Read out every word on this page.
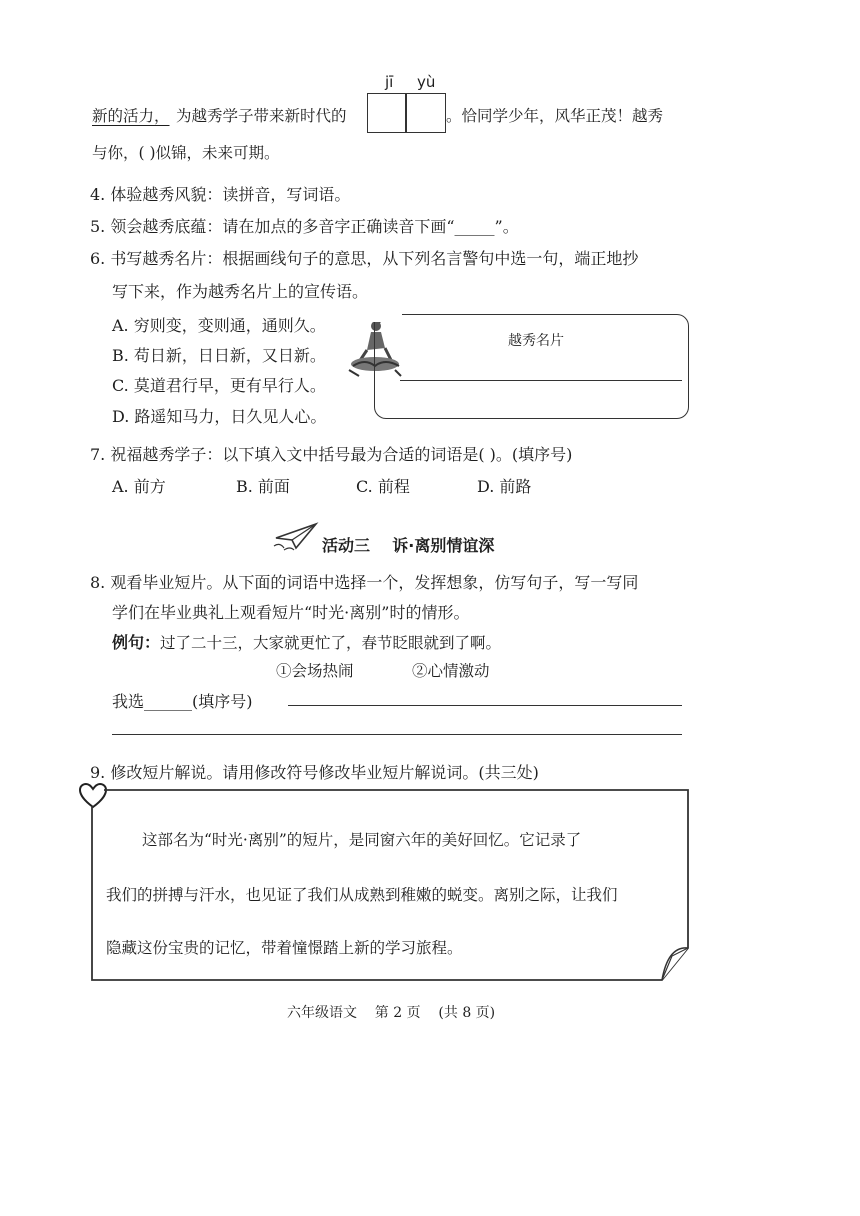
jī yù
新的活力， 为越秀学子带来新时代的	。恰同学少年，风华正茂！越秀
与你，( )似锦，未来可期。
4. 体验越秀风貌：读拼音，写词语。
5. 领会越秀底蕴：请在加点的多音字正确读音下画“_____”。
6. 书写越秀名片：根据画线句子的意思，从下列名言警句中选一句，端正地抄
写下来，作为越秀名片上的宣传语。
A. 穷则变，变则通，通则久。
B. 苟日新，日日新，又日新。
C. 莫道君行早，更有早行人。
D. 路遥知马力，日久见人心。
越秀名片
7. 祝福越秀学子：以下填入文中括号最为合适的词语是( )。(填序号)
A. 前方	B. 前面	C. 前程	D. 前路
活动三    诉·离别情谊深
8. 观看毕业短片。从下面的词语中选择一个，发挥想象，仿写句子，写一写同
学们在毕业典礼上观看短片“时光·离别”时的情形。
例句： 过了二十三，大家就更忙了，春节眨眼就到了啊。
①会场热闹	②心情激动
我选______(填序号)
9. 修改短片解说。请用修改符号修改毕业短片解说词。(共三处)
这部名为“时光·离别”的短片，是同窗六年的美好回忆。它记录了
我们的拼搏与汗水，也见证了我们从成熟到稚嫩的蜕变。离别之际，让我们
隐藏这份宝贵的记忆，带着憧憬踏上新的学习旅程。
六年级语文    第 2 页    (共 8 页)
